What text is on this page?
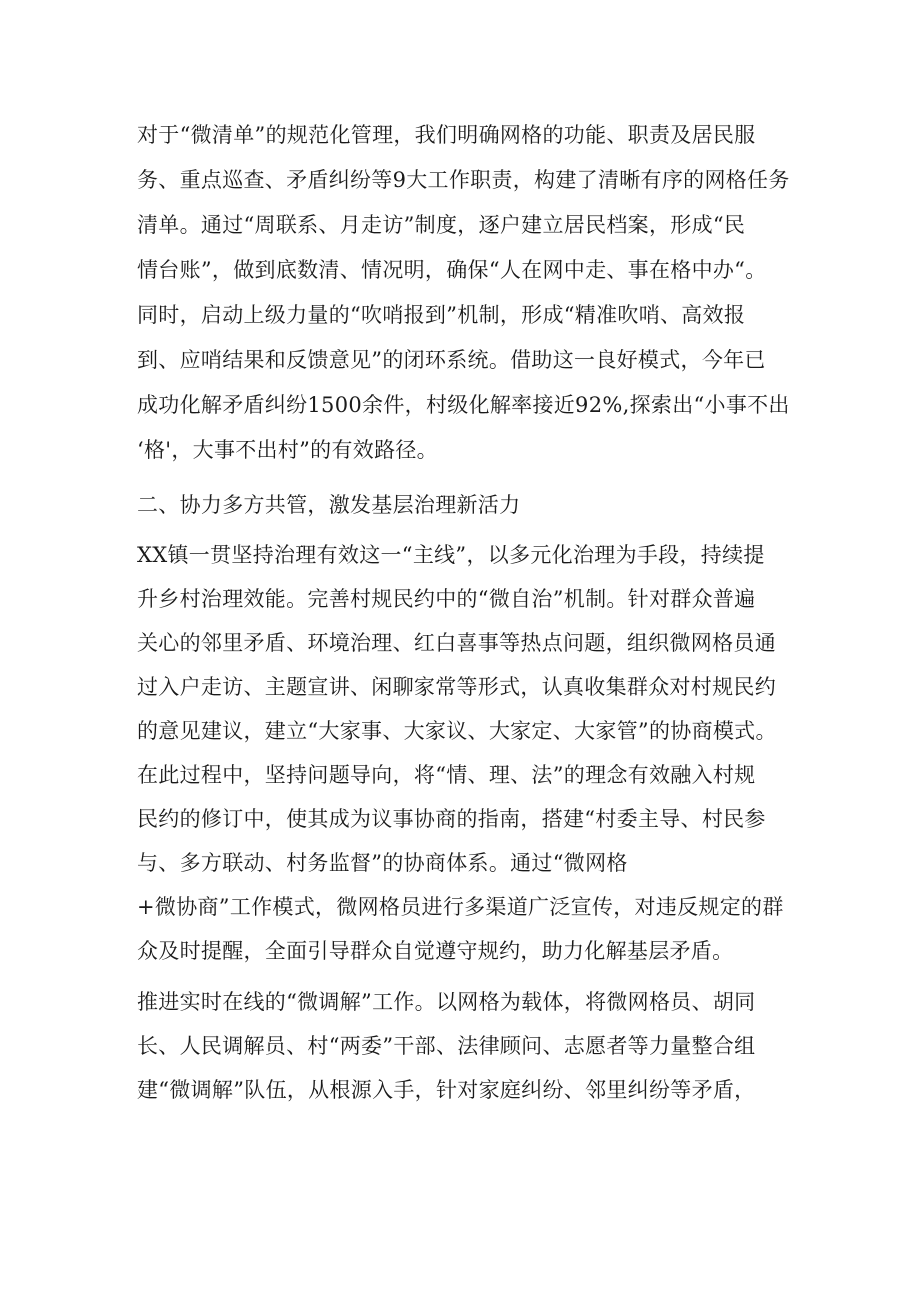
对于“微清单”的规范化管理，我们明确网格的功能、职责及居民服
务、重点巡查、矛盾纠纷等9大工作职责，构建了清晰有序的网格任务
清单。通过“周联系、月走访”制度，逐户建立居民档案，形成“民
情台账”，做到底数清、情况明，确保“人在网中走、事在格中办“。
同时，启动上级力量的“吹哨报到”机制，形成“精准吹哨、高效报
到、应哨结果和反馈意见”的闭环系统。借助这一良好模式，今年已
成功化解矛盾纠纷1500余件，村级化解率接近92%,探索出“小事不出
‘格'，大事不出村”的有效路径。
二、协力多方共管，激发基层治理新活力
XX镇一贯坚持治理有效这一“主线”，以多元化治理为手段，持续提
升乡村治理效能。完善村规民约中的“微自治”机制。针对群众普遍
关心的邻里矛盾、环境治理、红白喜事等热点问题，组织微网格员通
过入户走访、主题宣讲、闲聊家常等形式，认真收集群众对村规民约
的意见建议，建立“大家事、大家议、大家定、大家管”的协商模式。
在此过程中，坚持问题导向，将“情、理、法”的理念有效融入村规
民约的修订中，使其成为议事协商的指南，搭建“村委主导、村民参
与、多方联动、村务监督”的协商体系。通过“微网格
+微协商”工作模式，微网格员进行多渠道广泛宣传，对违反规定的群
众及时提醒，全面引导群众自觉遵守规约，助力化解基层矛盾。
推进实时在线的“微调解”工作。以网格为载体，将微网格员、胡同
长、人民调解员、村“两委”干部、法律顾问、志愿者等力量整合组
建“微调解”队伍，从根源入手，针对家庭纠纷、邻里纠纷等矛盾，
